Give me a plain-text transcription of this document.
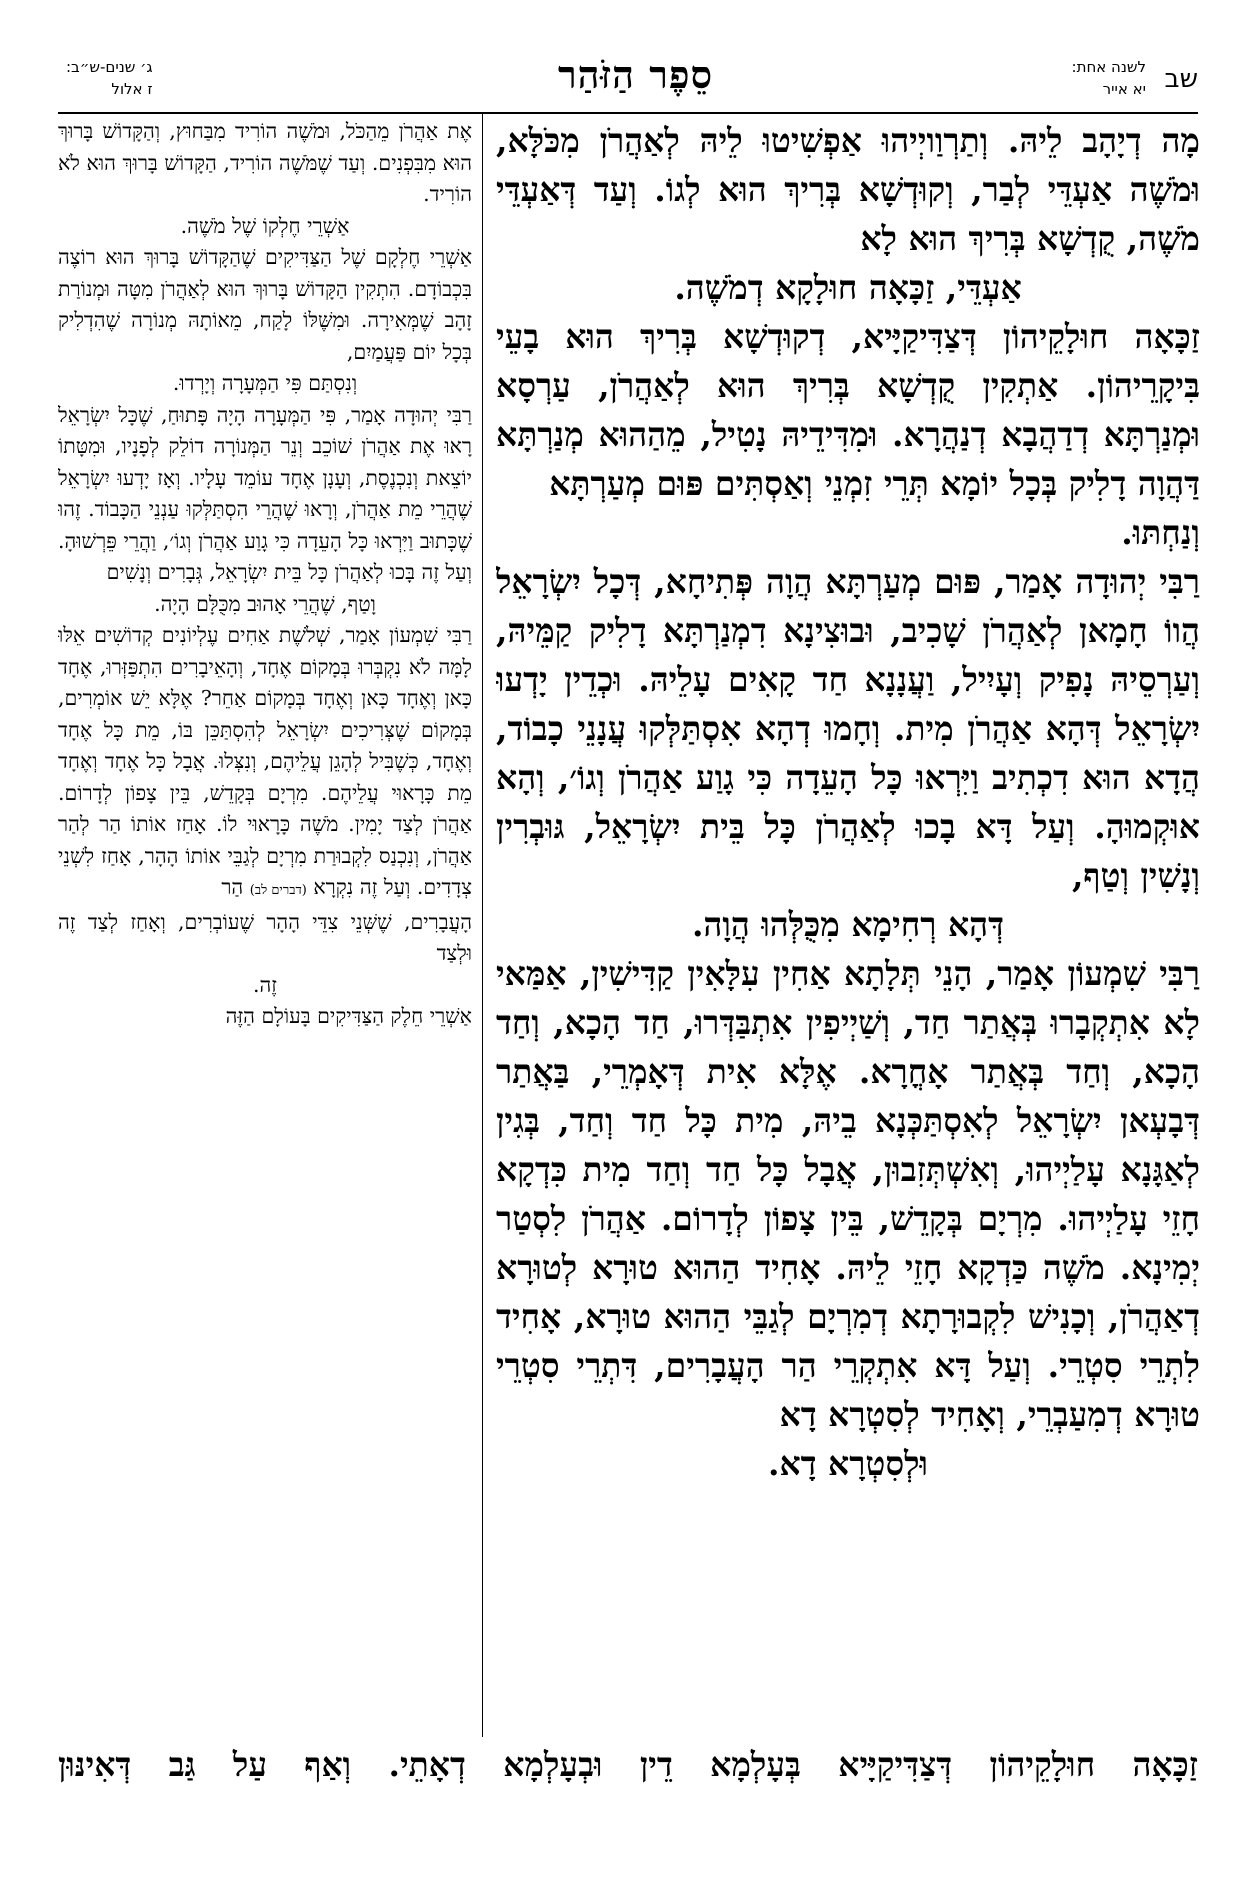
שב
לשנה אחת:
יא אייר
סֵפֶר הַזֹּהַר
ג׳ שנים-ש״ב:
ז אלול

מָה דְיָהָב לֵיהּ. וְתַרְוַויְיהוּ אַפְשִׁיטוּ לֵיהּ לְאַהֲרֹן מִכֹּלָּא, וּמֹשֶׁה אַעְדֵּי לְבַר, וְקוּדְשָׁא בְּרִיךְ הוּא לְגוֹ. וְעַד דְּאַעְדֵּי מֹשֶׁה, קֻדְשָׁא בְּרִיךְ הוּא לָא

אַעְדֵּי, זַכָּאָה חוּלָקָא דְמֹשֶׁה.

זַכָּאָה חוּלָקֵיהוֹן דְּצַדִּיקַיָּיא, דְקוּדְשָׁא בְּרִיךְ הוּא בָעֵי בִּיקָרֵיהוֹן. אַתְקִין קֻדְשָׁא בְּרִיךְ הוּא לְאַהֲרֹן, עַרְסָא וּמְנַרְתָּא דְדַהֲבָא דְנַהֲרָא. וּמִדִּידֵיהּ נָטִיל, מֵהַהוּא מְנַרְתָּא דַּהֲוָה דָלִיק בְּכָל יוֹמָא תְּרֵי זִמְנֵי וְאַסְתִּים פּוּם מְעַרְתָּא

וְנַחְתּוּ.

רַבִּי יְהוּדָה אָמַר, פּוּם מְעַרְתָּא הֲוָה פְּתִיחָא, דְּכָל יִשְׂרָאֵל הֲווֹ חָמָאן לְאַהֲרֹן שָׁכִיב, וּבוּצִינָא דִמְנַרְתָּא דָלִיק קַמֵּיהּ, וְעַרְסֵיהּ נָפִיק וְעָיִיל, וַעֲנָנָא חַד קָאִים עָלֵיהּ. וּכְדֵין יָדְעוּ יִשְׂרָאֵל דְּהָא אַהֲרֹן מִית. וְחָמוּ דְהָא אִסְתַּלְּקוּ עֲנָנֵי כָבוֹד, הֲדָא הוּא דִכְתִיב וַיִּרְאוּ כָּל הָעֵדָה כִּי גָוַע אַהֲרֹן וְגוֹ׳, וְהָא אוּקְמוּהָ. וְעַל דָּא בָכוּ לְאַהֲרֹן כָּל בֵּית יִשְׂרָאֵל, גּוּבְרִין וְנָשִׁין וְטַף,

דְּהָא רְחִימָא מִכֻּלְּהוּ הֲוָה.

רַבִּי שִׁמְעוֹן אָמַר, הָנֵי תְּלָתָא אַחִין עִלָּאִין קַדִּישִׁין, אַמַּאי לָא אִתְקְבָרוּ בְּאֲתַר חַד, וְשַׁיְיפִין אִתְבַּדְּרוּ, חַד הָכָא, וְחַד הָכָא, וְחַד בְּאֲתַר אָחֳרָא. אֶלָּא אִית דְּאָמְרֵי, בַּאֲתַר דְּבָעְאן יִשְׂרָאֵל לְאִסְתַּכְּנָא בֵיהּ, מִית כָּל חַד וְחַד, בְּגִין לְאַגָּנָא עָלַיְיהוּ, וְאִשְׁתְּזִבוּן, אֲבָל כָּל חַד וְחַד מִית כִּדְקָא חָזֵי עָלַיְיהוּ. מִרְיָם בְּקָדֵשׁ, בֵּין צָפוֹן לְדָרוֹם. אַהֲרֹן לִסְטַר יְמִינָא. מֹשֶׁה כַּדְקָא חָזֵי לֵיהּ. אָחִיד הַהוּא טוּרָא לְטוּרָא דְאַהֲרֹן, וְכָנִישׁ לִקְבוּרָתָא דְמִרְיָם לְגַבֵּי הַהוּא טוּרָא, אָחִיד לִתְרֵי סִטְרֵי. וְעַל דָּא אִתְקְרֵי הַר הָעֲבָרִים, דִּתְרֵי סִטְרֵי טוּרָא דְמִעַבְרֵי, וְאָחִיד לְסִטְרָא דָא

וּלְסִטְרָא דָא.

אֶת אַהֲרֹן מֵהַכֹּל, וּמֹשֶׁה הוֹרִיד מִבַּחוּץ, וְהַקָּדוֹשׁ בָּרוּךְ הוּא מִבִּפְנִים. וְעַד שֶׁמֹּשֶׁה הוֹרִיד, הַקָּדוֹשׁ בָּרוּךְ הוּא לֹא הוֹרִיד.

אַשְׁרֵי חֶלְקוֹ שֶׁל מֹשֶׁה.

אַשְׁרֵי חֶלְקָם שֶׁל הַצַּדִּיקִים שֶׁהַקָּדוֹשׁ בָּרוּךְ הוּא רוֹצֶה בִּכְבוֹדָם. הִתְקִין הַקָּדוֹשׁ בָּרוּךְ הוּא לְאַהֲרֹן מִטָּה וּמְנוֹרַת זָהָב שֶׁמְּאִירָה. וּמִשֶּׁלּוֹ לָקַח, מֵאוֹתָהּ מְנוֹרָה שֶׁהִדְלִיק בְּכָל יוֹם פַּעֲמַיִם,

וְנִסְתַּם פִּי הַמְּעָרָה וְיָרְדוּ.

רַבִּי יְהוּדָה אָמַר, פִּי הַמְּעָרָה הָיָה פָּתוּחַ, שֶׁכָּל יִשְׂרָאֵל רָאוּ אֶת אַהֲרֹן שׁוֹכֵב וְנֵר הַמְּנוֹרָה דוֹלֵק לְפָנָיו, וּמִטָּתוֹ יוֹצֵאת וְנִכְנֶסֶת, וְעָנָן אֶחָד עוֹמֵד עָלָיו. וְאָז יָדְעוּ יִשְׂרָאֵל שֶׁהֲרֵי מֵת אַהֲרֹן, וְרָאוּ שֶׁהֲרֵי הִסְתַּלְּקוּ עַנְנֵי הַכָּבוֹד. זֶהוּ שֶׁכָּתוּב וַיִּרְאוּ כָּל הָעֵדָה כִּי גָוַע אַהֲרֹן וְגוֹ׳, וַהֲרֵי פֵּרְשׁוּהָ. וְעַל זֶה בָּכוּ לְאַהֲרֹן כָּל בֵּית יִשְׂרָאֵל, גְּבָרִים וְנָשִׁים

וָטַף, שֶׁהֲרֵי אָהוּב מִכֻּלָּם הָיָה.

רַבִּי שִׁמְעוֹן אָמַר, שְׁלֹשֶׁת אַחִים עֶלְיוֹנִים קְדוֹשִׁים אֵלּוּ לָמָּה לֹא נִקְבְּרוּ בְּמָקוֹם אֶחָד, וְהָאֵיבָרִים הִתְפַּזְּרוּ, אֶחָד כָּאן וְאֶחָד כָּאן וְאֶחָד בְּמָקוֹם אַחֵר? אֶלָּא יֵשׁ אוֹמְרִים, בְּמָקוֹם שֶׁצְּרִיכִים יִשְׂרָאֵל לְהִסְתַּכֵּן בּוֹ, מֵת כָּל אֶחָד וְאֶחָד, כְּשֶׁבִּיל לְהָגֵן עֲלֵיהֶם, וְנִצְּלוּ. אֲבָל כָּל אֶחָד וְאֶחָד מֵת כָּרָאוּי עֲלֵיהֶם. מִרְיָם בְּקָדֵשׁ, בֵּין צָפוֹן לְדָרוֹם. אַהֲרֹן לְצַד יָמִין. מֹשֶׁה כָּרָאוּי לוֹ. אָחַז אוֹתוֹ הַר לְהַר אַהֲרֹן, וְנִכְנַס לִקְבוּרַת מִרְיָם לְגַבֵּי אוֹתוֹ הָהָר, אָחַז לִשְׁנֵי צְדָדִים. וְעַל זֶה נִקְרָא (דברים לב) הַר

הָעֲבָרִים, שֶׁשְּׁנֵי צִדֵּי הָהָר שֶׁעוֹבְרִים, וְאָחַז לְצַד זֶה וּלְצַד

זֶה.

אַשְׁרֵי חֵלֶק הַצַּדִּיקִים בָּעוֹלָם הַזֶּה

זַכָּאָה חוּלָקֵיהוֹן דְּצַדִּיקַיָּיא בְּעָלְמָא דֵין וּבְעָלְמָא דְאָתֵי. וְאַף עַל גַּב דְּאִינּוּן
